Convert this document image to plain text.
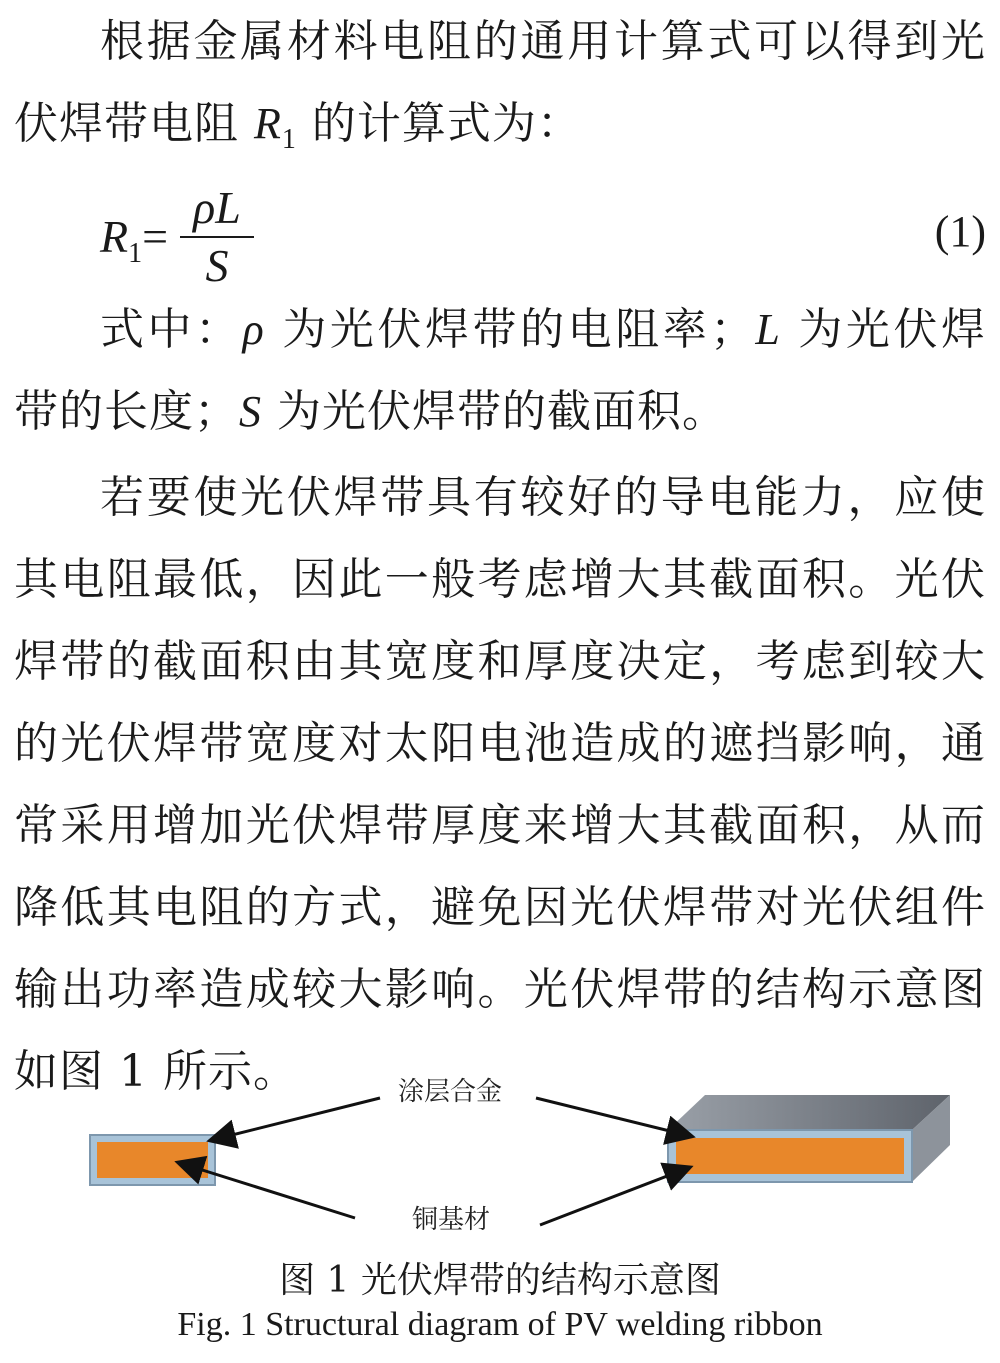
根据金属材料电阻的通用计算式可以得到光
伏焊带电阻 $R_1$ 的计算式为：
$R_1=$
ρL
S
(1)
式中：ρ 为光伏焊带的电阻率；L 为光伏焊
带的长度；S 为光伏焊带的截面积。
若要使光伏焊带具有较好的导电能力，应使
其电阻最低，因此一般考虑增大其截面积。光伏
焊带的截面积由其宽度和厚度决定，考虑到较大
的光伏焊带宽度对太阳电池造成的遮挡影响，通
常采用增加光伏焊带厚度来增大其截面积，从而
降低其电阻的方式，避免因光伏焊带对光伏组件
输出功率造成较大影响。光伏焊带的结构示意图
如图 1 所示。	涂层合金
铜基材
图 1 光伏焊带的结构示意图
Fig. 1 Structural diagram of PV welding ribbon
